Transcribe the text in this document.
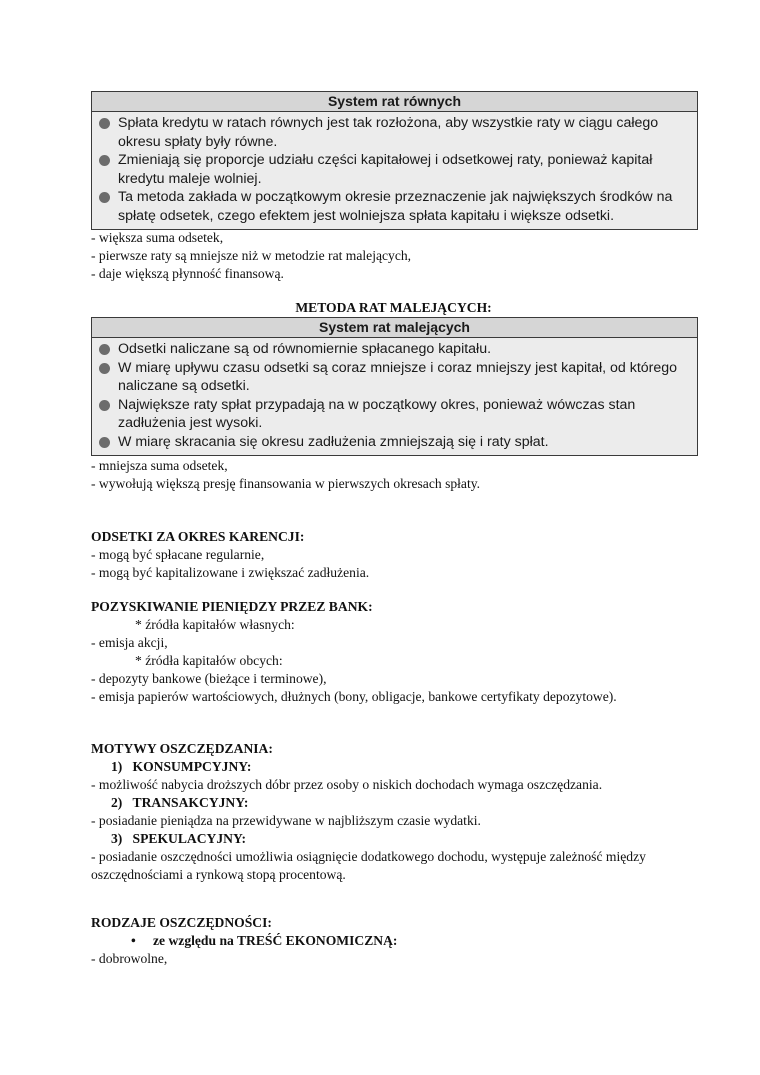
System rat równych
Spłata kredytu w ratach równych jest tak rozłożona, aby wszystkie raty w ciągu całego okresu spłaty były równe.
Zmieniają się proporcje udziału części kapitałowej i odsetkowej raty, ponieważ kapitał kredytu maleje wolniej.
Ta metoda zakłada w początkowym okresie przeznaczenie jak największych środków na spłatę odsetek, czego efektem jest wolniejsza spłata kapitału i większe odsetki.
- większa suma odsetek,
- pierwsze raty są mniejsze niż w metodzie rat malejących,
- daje większą płynność finansową.
METODA RAT MALEJĄCYCH:
System rat malejących
Odsetki naliczane są od równomiernie spłacanego kapitału.
W miarę upływu czasu odsetki są coraz mniejsze i coraz mniejszy jest kapitał, od którego naliczane są odsetki.
Największe raty spłat przypadają na w początkowy okres, ponieważ wówczas stan zadłużenia jest wysoki.
W miarę skracania się okresu zadłużenia zmniejszają się i raty spłat.
- mniejsza suma odsetek,
- wywołują większą presję finansowania w pierwszych okresach spłaty.
ODSETKI ZA OKRES KARENCJI:
- mogą być spłacane regularnie,
- mogą być kapitalizowane i zwiększać zadłużenia.
POZYSKIWANIE PIENIĘDZY PRZEZ BANK:
* źródła kapitałów własnych:
- emisja akcji,
* źródła kapitałów obcych:
- depozyty bankowe (bieżące i terminowe),
- emisja papierów wartościowych, dłużnych (bony, obligacje, bankowe certyfikaty depozytowe).
MOTYWY OSZCZĘDZANIA:
1) KONSUMPCYJNY:
- możliwość nabycia droższych dóbr przez osoby o niskich dochodach wymaga oszczędzania.
2) TRANSAKCYJNY:
- posiadanie pieniądza na przewidywane w najbliższym czasie wydatki.
3) SPEKULACYJNY:
- posiadanie oszczędności umożliwia osiągnięcie dodatkowego dochodu, występuje zależność między oszczędnościami a rynkową stopą procentową.
RODZAJE OSZCZĘDNOŚCI:
• ze względu na TREŚĆ EKONOMICZNĄ:
- dobrowolne,
